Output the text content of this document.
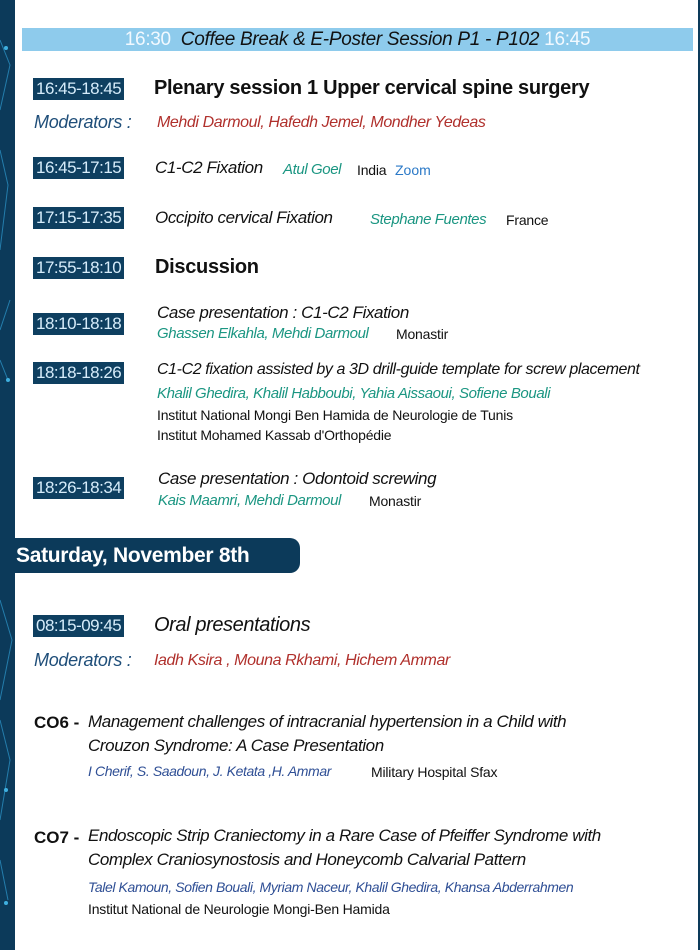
16:30 Coffee Break & E-Poster Session P1 - P102 16:45
16:45-18:45 Plenary session 1 Upper cervical spine surgery
Moderators : Mehdi Darmoul, Hafedh Jemel, Mondher Yedeas
16:45-17:15 C1-C2 Fixation Atul Goel India Zoom
17:15-17:35 Occipito cervical Fixation Stephane Fuentes France
17:55-18:10 Discussion
18:10-18:18
Case presentation : C1-C2 Fixation
Ghassen Elkahla, Mehdi Darmoul Monastir
18:18-18:26 C1-C2 fixation assisted by a 3D drill-guide template for screw placement
Khalil Ghedira, Khalil Habboubi, Yahia Aissaoui, Sofiene Bouali
Institut National Mongi Ben Hamida de Neurologie de Tunis
Institut Mohamed Kassab d'Orthopédie
18:26-18:34 Case presentation : Odontoid screwing
Kais Maamri, Mehdi Darmoul Monastir
Saturday, November 8th
08:15-09:45 Oral presentations
Moderators : Iadh Ksira , Mouna Rkhami, Hichem Ammar
CO6 - Management challenges of intracranial hypertension in a Child with
Crouzon Syndrome: A Case Presentation
I Cherif, S. Saadoun, J. Ketata ,H. Ammar	Military Hospital Sfax
CO7 - Endoscopic Strip Craniectomy in a Rare Case of Pfeiffer Syndrome with
Complex Craniosynostosis and Honeycomb Calvarial Pattern
Talel Kamoun, Sofien Bouali, Myriam Naceur, Khalil Ghedira, Khansa Abderrahmen
Institut National de Neurologie Mongi-Ben Hamida
